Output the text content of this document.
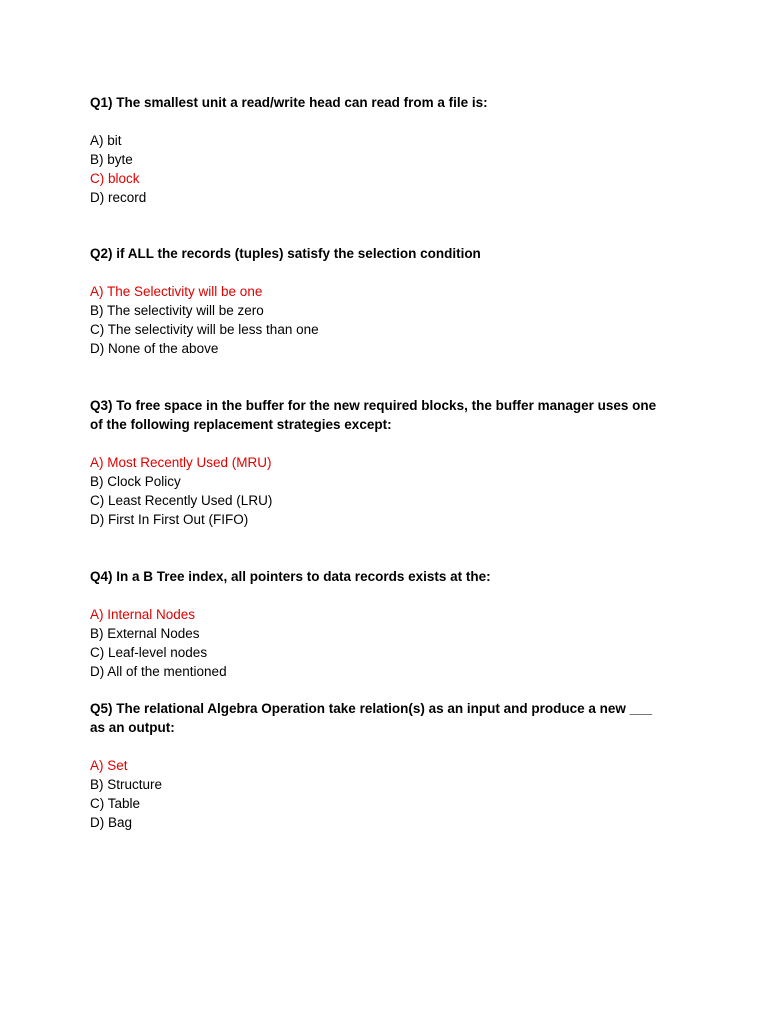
Q1) The smallest unit a read/write head can read from a file is:

A) bit
B) byte
C) block
D) record

Q2) if ALL the records (tuples) satisfy the selection condition

A) The Selectivity will be one
B) The selectivity will be zero
C) The selectivity will be less than one
D) None of the above

Q3) To free space in the buffer for the new required blocks, the buffer manager uses one of the following replacement strategies except:

A) Most Recently Used (MRU)
B) Clock Policy
C) Least Recently Used (LRU)
D) First In First Out (FIFO)

Q4) In a B Tree index, all pointers to data records exists at the:

A) Internal Nodes
B) External Nodes
C) Leaf-level nodes
D) All of the mentioned

Q5) The relational Algebra Operation take relation(s) as an input and produce a new ___ as an output:

A) Set
B) Structure
C) Table
D) Bag
